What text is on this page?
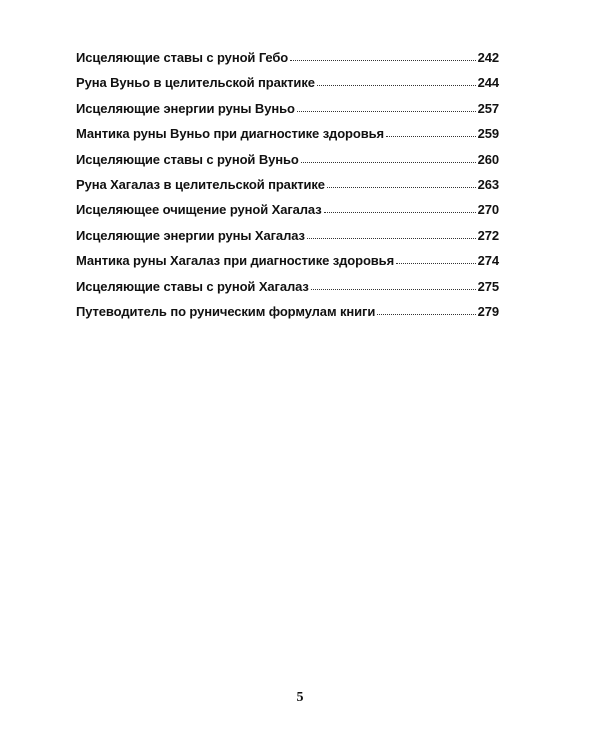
Исцеляющие ставы с руной Гебо	242
Руна Вуньо в целительской практике	244
Исцеляющие энергии руны Вуньо	257
Мантика руны Вуньо при диагностике здоровья	259
Исцеляющие ставы с руной Вуньо	260
Руна Хагалаз в целительской практике	263
Исцеляющее очищение руной Хагалаз	270
Исцеляющие энергии руны Хагалаз	272
Мантика руны Хагалаз при диагностике здоровья	274
Исцеляющие ставы с руной Хагалаз	275
Путеводитель по руническим формулам книги	279
5
